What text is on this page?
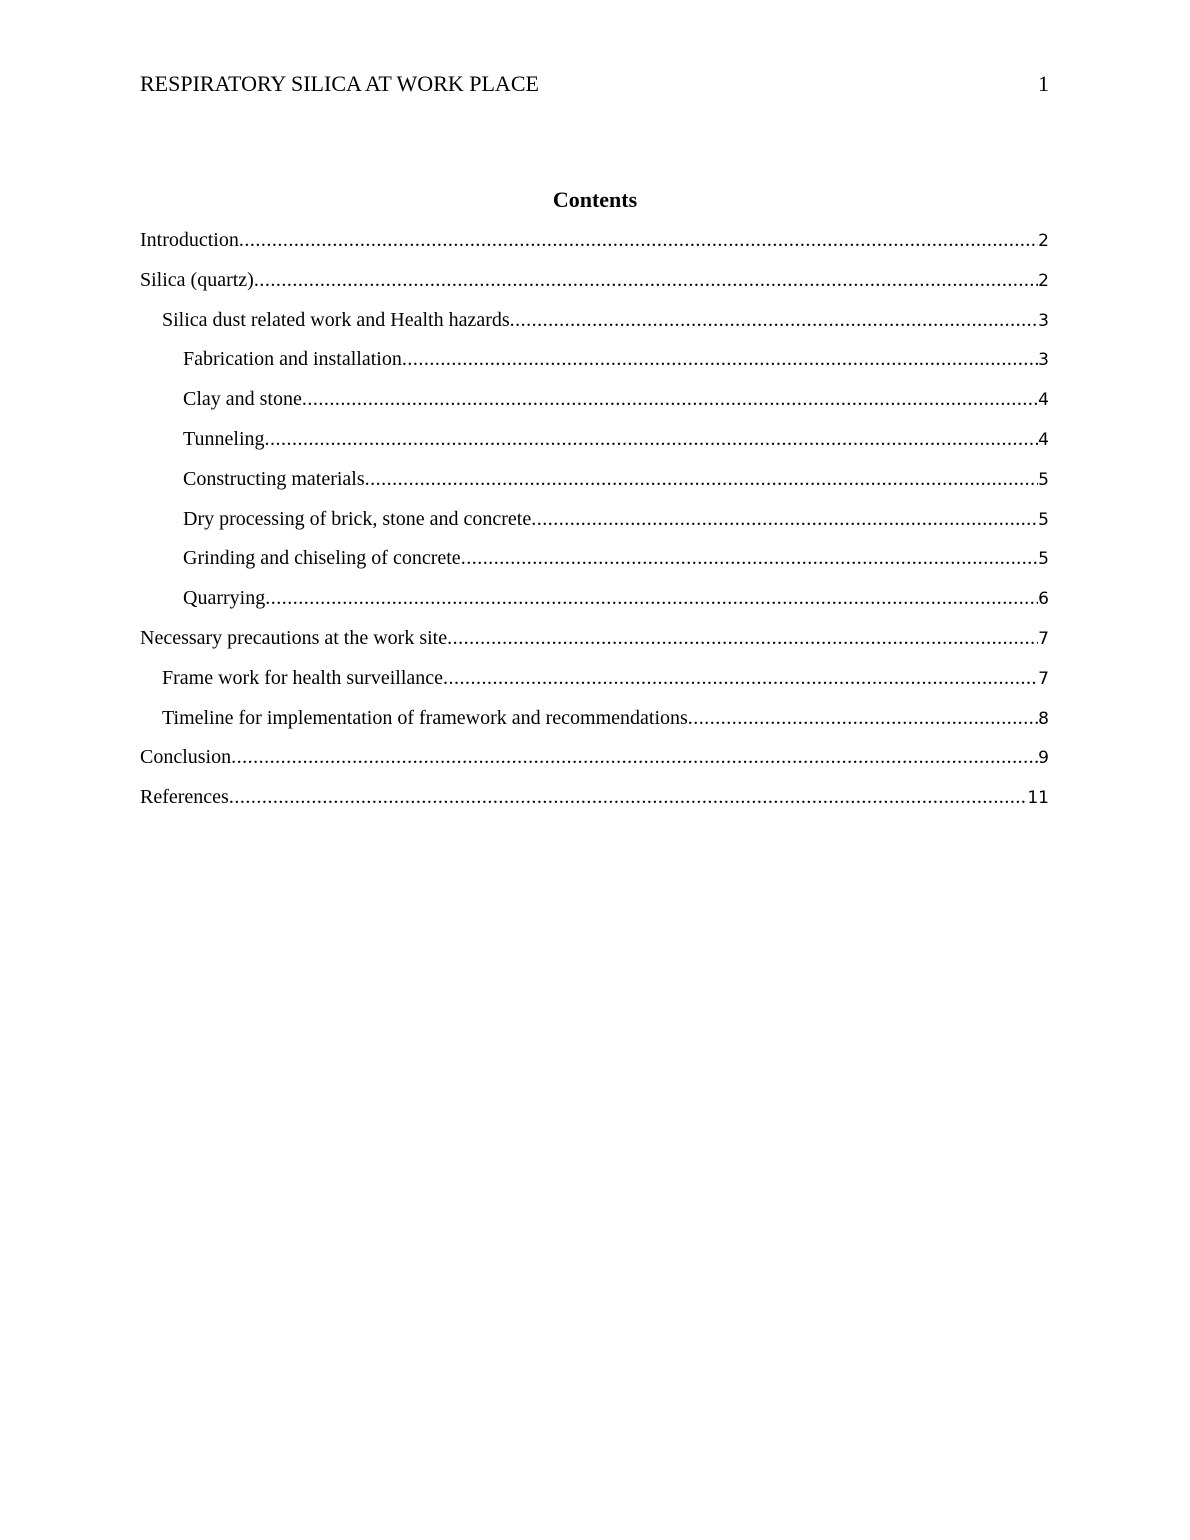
RESPIRATORY SILICA AT WORK PLACE	1
Contents
Introduction .....	2
Silica (quartz) .....	2
Silica dust related work and Health hazards .....	3
Fabrication and installation .....	3
Clay and stone .....	4
Tunneling .....	4
Constructing materials .....	5
Dry processing of brick, stone and concrete .....	5
Grinding and chiseling of concrete .....	5
Quarrying .....	6
Necessary precautions at the work site .....	7
Frame work for health surveillance .....	7
Timeline for implementation of framework and recommendations .....	8
Conclusion .....	9
References .....	11
